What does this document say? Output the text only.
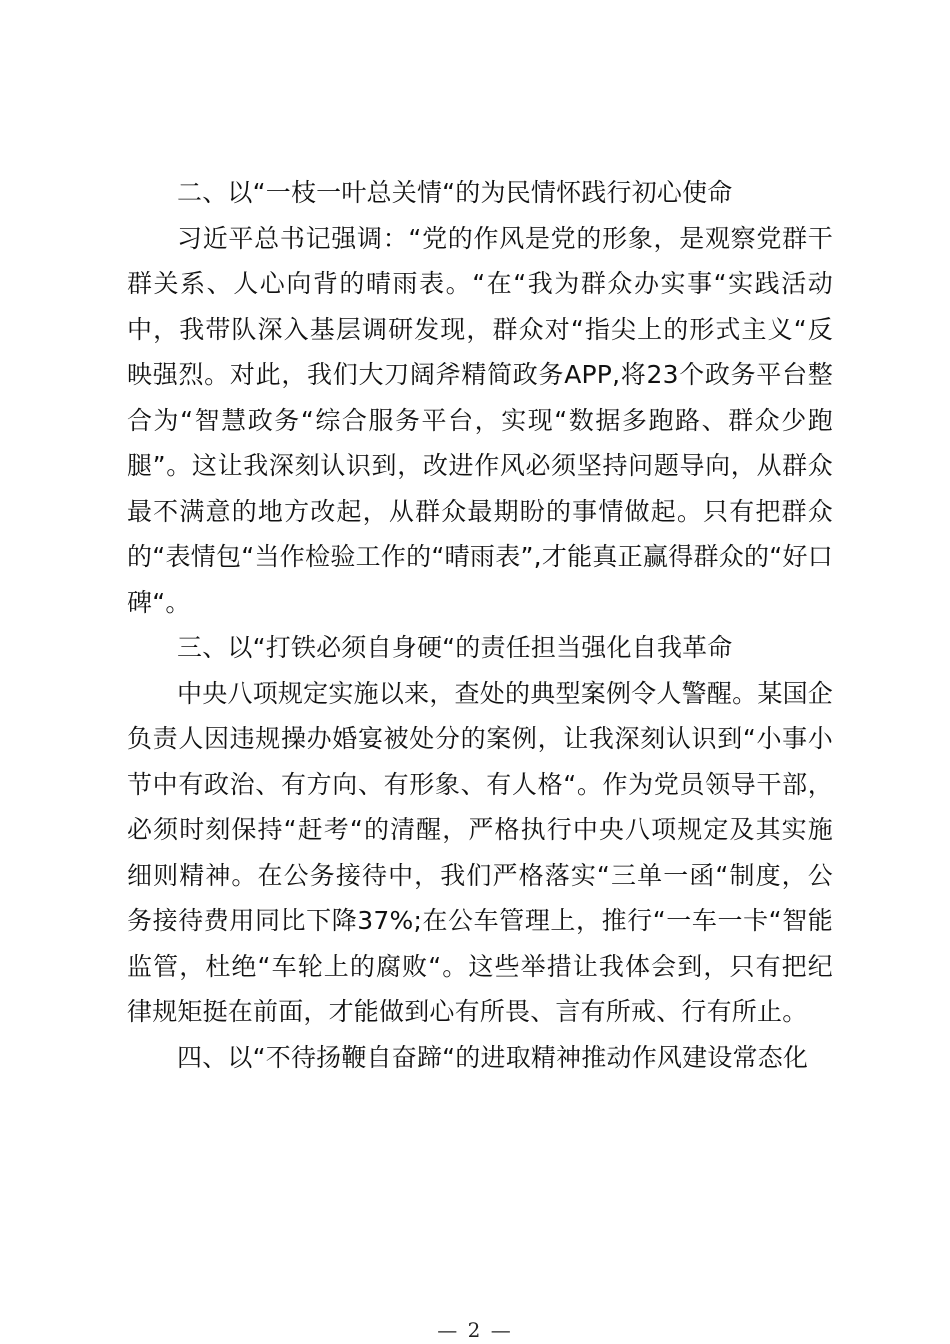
二、以“一枝一叶总关情“的为民情怀践行初心使命

习近平总书记强调：“党的作风是党的形象，是观察党群干群关系、人心向背的晴雨表。“在“我为群众办实事“实践活动中，我带队深入基层调研发现，群众对“指尖上的形式主义“反映强烈。对此，我们大刀阔斧精简政务APP,将23个政务平台整合为“智慧政务“综合服务平台，实现“数据多跑路、群众少跑腿”。这让我深刻认识到，改进作风必须坚持问题导向，从群众最不满意的地方改起，从群众最期盼的事情做起。只有把群众的“表情包“当作检验工作的“晴雨表”,才能真正赢得群众的“好口碑“。

三、以“打铁必须自身硬“的责任担当强化自我革命

中央八项规定实施以来，查处的典型案例令人警醒。某国企负责人因违规操办婚宴被处分的案例，让我深刻认识到“小事小节中有政治、有方向、有形象、有人格“。作为党员领导干部，必须时刻保持“赶考“的清醒，严格执行中央八项规定及其实施细则精神。在公务接待中，我们严格落实“三单一函“制度，公务接待费用同比下降37%;在公车管理上，推行“一车一卡“智能监管，杜绝“车轮上的腐败“。这些举措让我体会到，只有把纪律规矩挺在前面，才能做到心有所畏、言有所戒、行有所止。

四、以“不待扬鞭自奋蹄“的进取精神推动作风建设常态化

— 2 —
